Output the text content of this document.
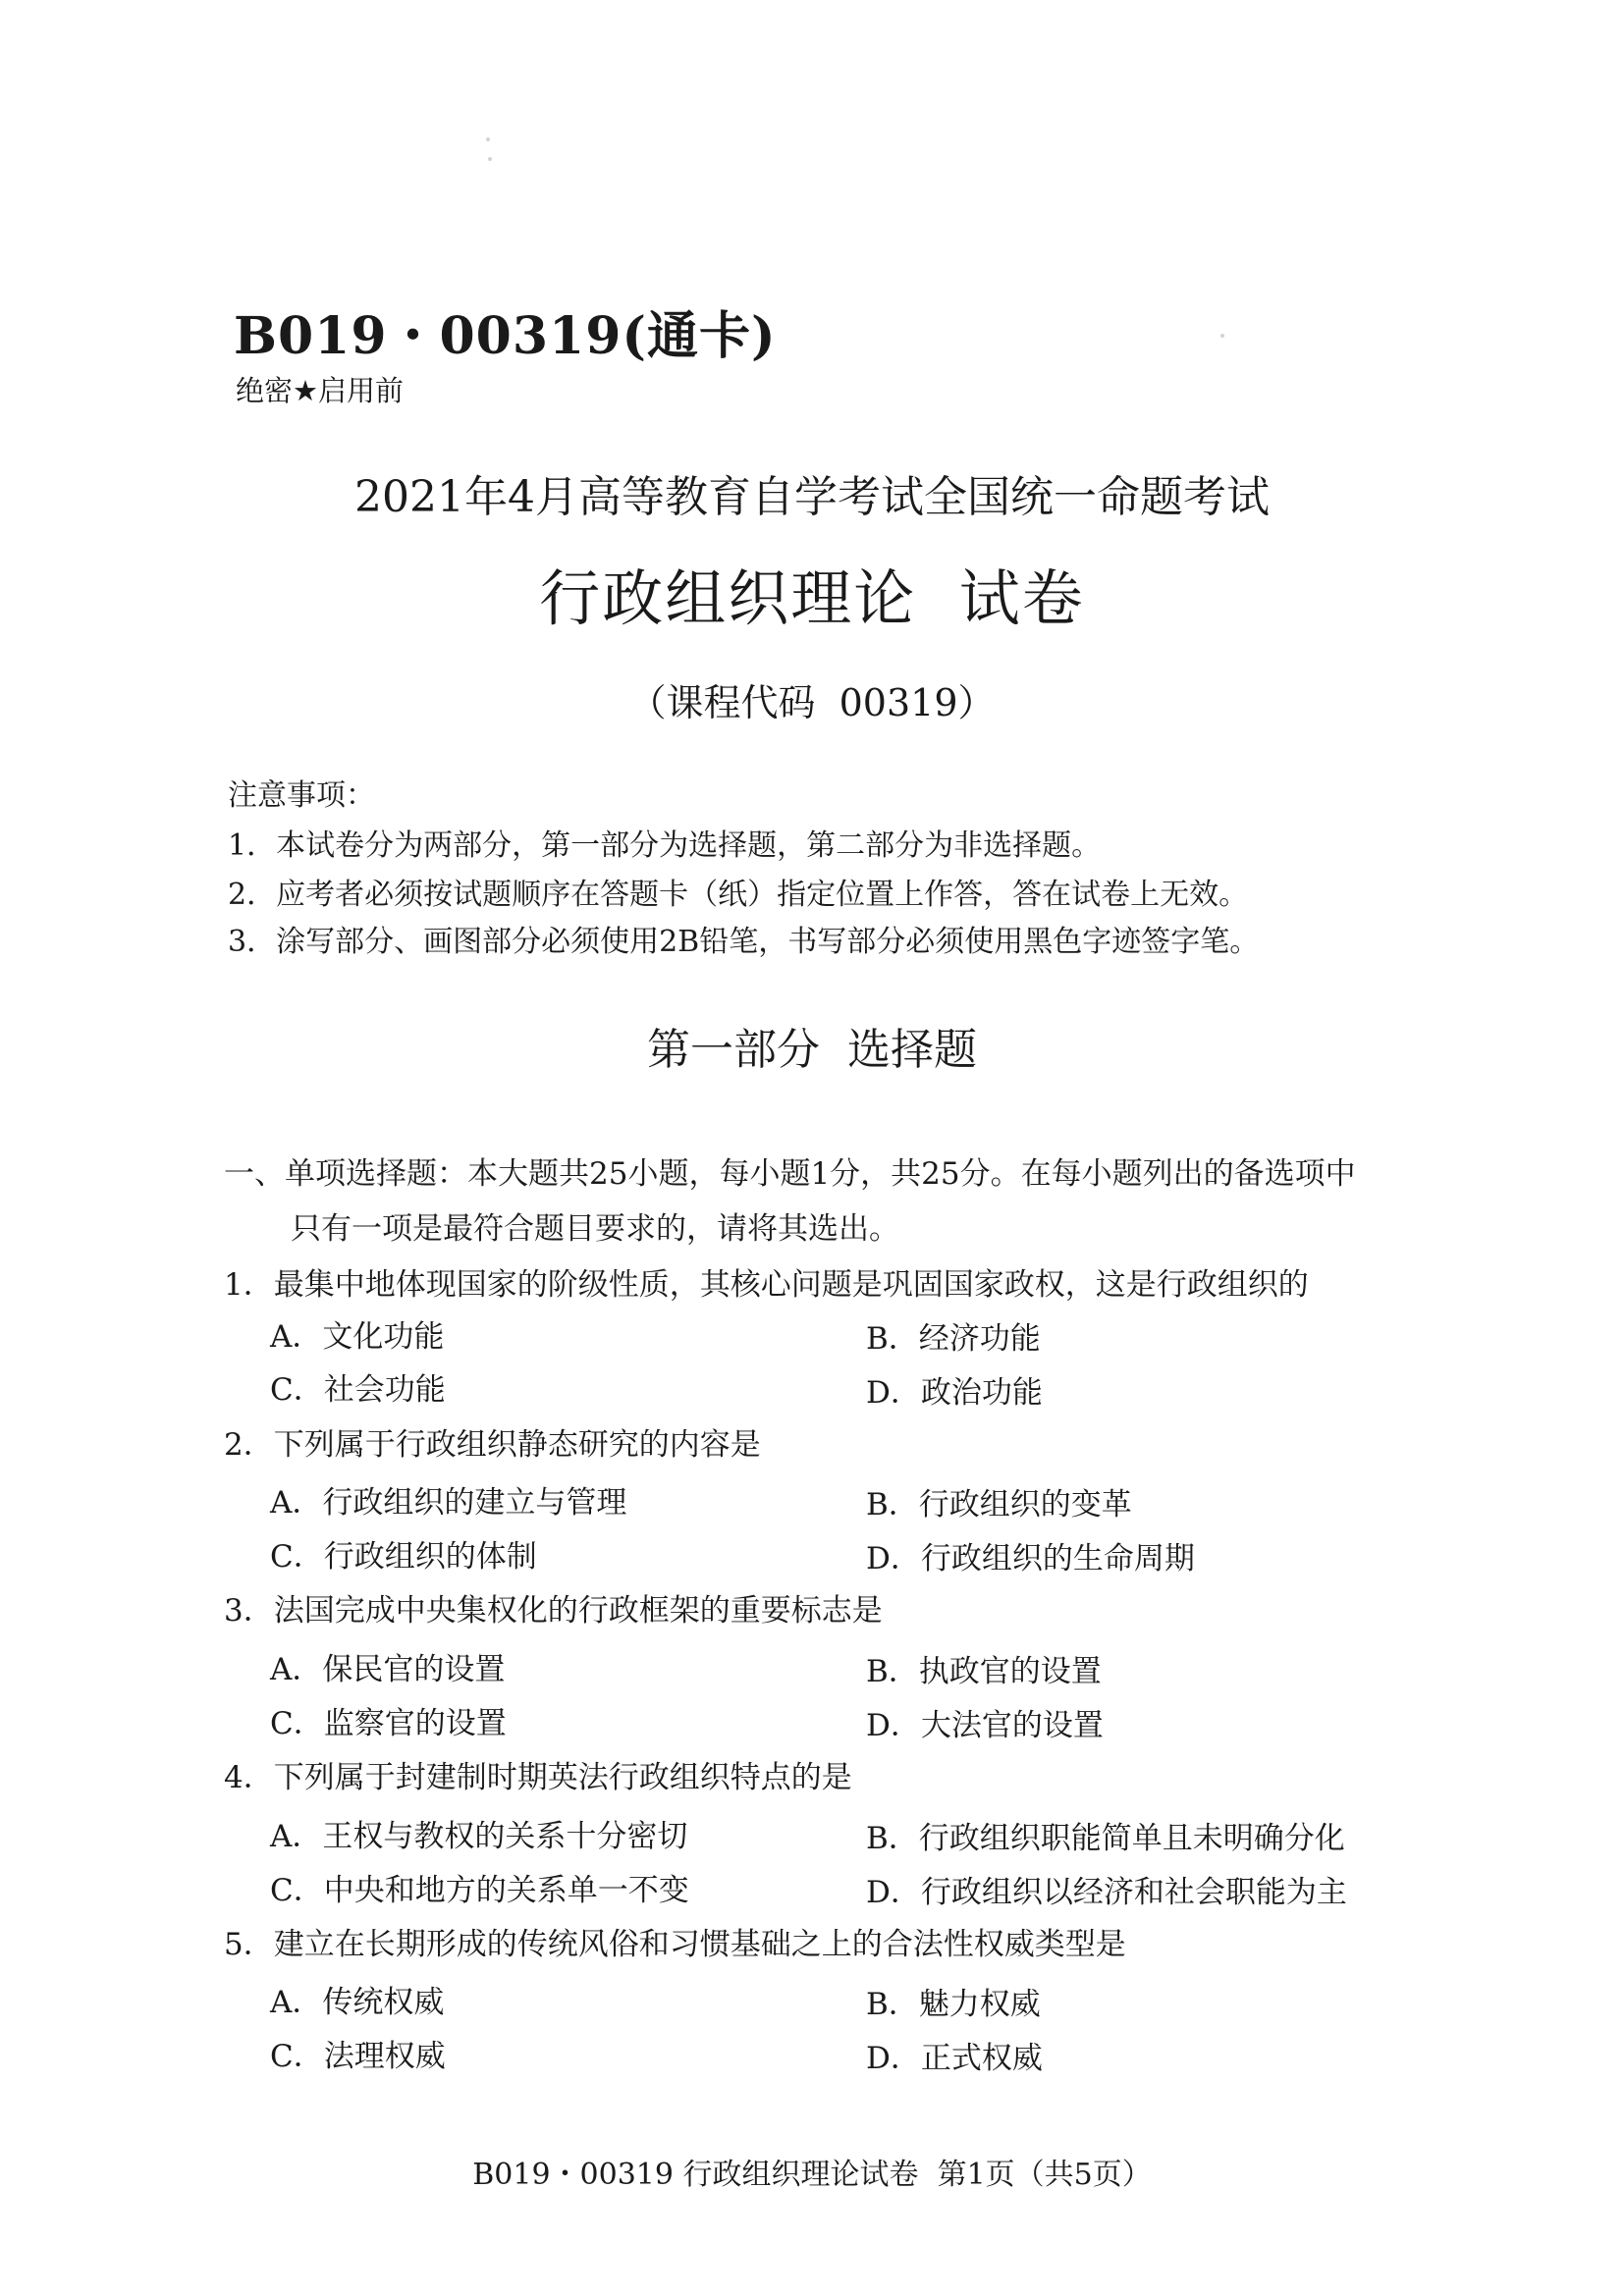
B019・00319(通卡)
绝密★启用前
2021年4月高等教育自学考试全国统一命题考试
行政组织理论  试卷
（课程代码  00319）
注意事项：
1．本试卷分为两部分，第一部分为选择题，第二部分为非选择题。
2．应考者必须按试题顺序在答题卡（纸）指定位置上作答，答在试卷上无效。
3．涂写部分、画图部分必须使用2B铅笔，书写部分必须使用黑色字迹签字笔。
第一部分  选择题
一、单项选择题：本大题共25小题，每小题1分，共25分。在每小题列出的备选项中
只有一项是最符合题目要求的，请将其选出。
1．最集中地体现国家的阶级性质，其核心问题是巩固国家政权，这是行政组织的
A．文化功能	B．经济功能
C．社会功能	D．政治功能
2．下列属于行政组织静态研究的内容是
A．行政组织的建立与管理	B．行政组织的变革
C．行政组织的体制	D．行政组织的生命周期
3．法国完成中央集权化的行政框架的重要标志是
A．保民官的设置	B．执政官的设置
C．监察官的设置	D．大法官的设置
4．下列属于封建制时期英法行政组织特点的是
A．王权与教权的关系十分密切	B．行政组织职能简单且未明确分化
C．中央和地方的关系单一不变	D．行政组织以经济和社会职能为主
5．建立在长期形成的传统风俗和习惯基础之上的合法性权威类型是
A．传统权威	B．魅力权威
C．法理权威	D．正式权威
B019・00319 行政组织理论试卷  第1页（共5页）
